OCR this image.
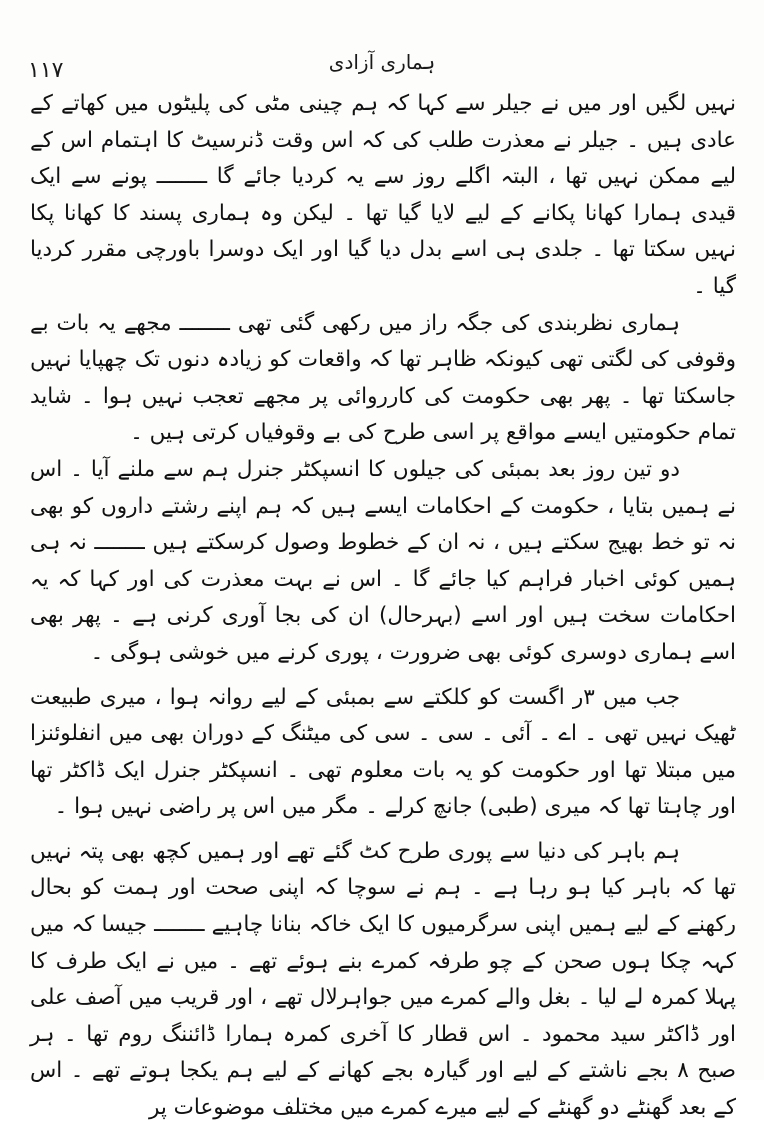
۱۱۷	ہماری آزادی

نہیں لگیں اور میں نے جیلر سے کہا کہ ہم چینی مٹی کی پلیٹوں میں کھاتے کے عادی ہیں ۔ جیلر نے معذرت طلب کی کہ اس وقت ڈنرسیٹ کا اہتمام اس کے لیے ممکن نہیں تھا ، البتہ اگلے روز سے یہ کردیا جائے گا ــــــــ پونے سے ایک قیدی ہمارا کھانا پکانے کے لیے لایا گیا تھا ۔ لیکن وہ ہماری پسند کا کھانا پکا نہیں سکتا تھا ۔ جلدی ہی اسے بدل دیا گیا اور ایک دوسرا باورچی مقرر کردیا گیا ۔

ہماری نظربندی کی جگہ راز میں رکھی گئی تھی ــــــــ مجھے یہ بات بے وقوفی کی لگتی تھی کیونکہ ظاہر تھا کہ واقعات کو زیادہ دنوں تک چھپایا نہیں جاسکتا تھا ۔ پھر بھی حکومت کی کارروائی پر مجھے تعجب نہیں ہوا ۔ شاید تمام حکومتیں ایسے مواقع پر اسی طرح کی بے وقوفیاں کرتی ہیں ۔

دو تین روز بعد بمبئی کی جیلوں کا انسپکٹر جنرل ہم سے ملنے آیا ۔ اس نے ہمیں بتایا ، حکومت کے احکامات ایسے ہیں کہ ہم اپنے رشتے داروں کو بھی نہ تو خط بھیج سکتے ہیں ، نہ ان کے خطوط وصول کرسکتے ہیں ــــــــ نہ ہی ہمیں کوئی اخبار فراہم کیا جائے گا ۔ اس نے بہت معذرت کی اور کہا کہ یہ احکامات سخت ہیں اور اسے (بہرحال) ان کی بجا آوری کرنی ہے ۔ پھر بھی اسے ہماری دوسری کوئی بھی ضرورت ، پوری کرنے میں خوشی ہوگی ۔

جب میں ۳ر اگست کو کلکتے سے بمبئی کے لیے روانہ ہوا ، میری طبیعت ٹھیک نہیں تھی ۔ اے ۔ آئی ۔ سی ۔ سی کی میٹنگ کے دوران بھی میں انفلوئنزا میں مبتلا تھا اور حکومت کو یہ بات معلوم تھی ۔ انسپکٹر جنرل ایک ڈاکٹر تھا اور چاہتا تھا کہ میری (طبی) جانچ کرلے ۔ مگر میں اس پر راضی نہیں ہوا ۔

ہم باہر کی دنیا سے پوری طرح کٹ گئے تھے اور ہمیں کچھ بھی پتہ نہیں تھا کہ باہر کیا ہو رہا ہے ۔ ہم نے سوچا کہ اپنی صحت اور ہمت کو بحال رکھنے کے لیے ہمیں اپنی سرگرمیوں کا ایک خاکہ بنانا چاہیے ــــــــ جیسا کہ میں کہہ چکا ہوں صحن کے چو طرفہ کمرے بنے ہوئے تھے ۔ میں نے ایک طرف کا پہلا کمرہ لے لیا ۔ بغل والے کمرے میں جواہرلال تھے ، اور قریب میں آصف علی اور ڈاکٹر سید محمود ۔ اس قطار کا آخری کمرہ ہمارا ڈائننگ روم تھا ۔ ہر صبح ۸ بجے ناشتے کے لیے اور گیارہ بجے کھانے کے لیے ہم یکجا ہوتے تھے ۔ اس کے بعد گھنٹے دو گھنٹے کے لیے میرے کمرے میں مختلف موضوعات پر
